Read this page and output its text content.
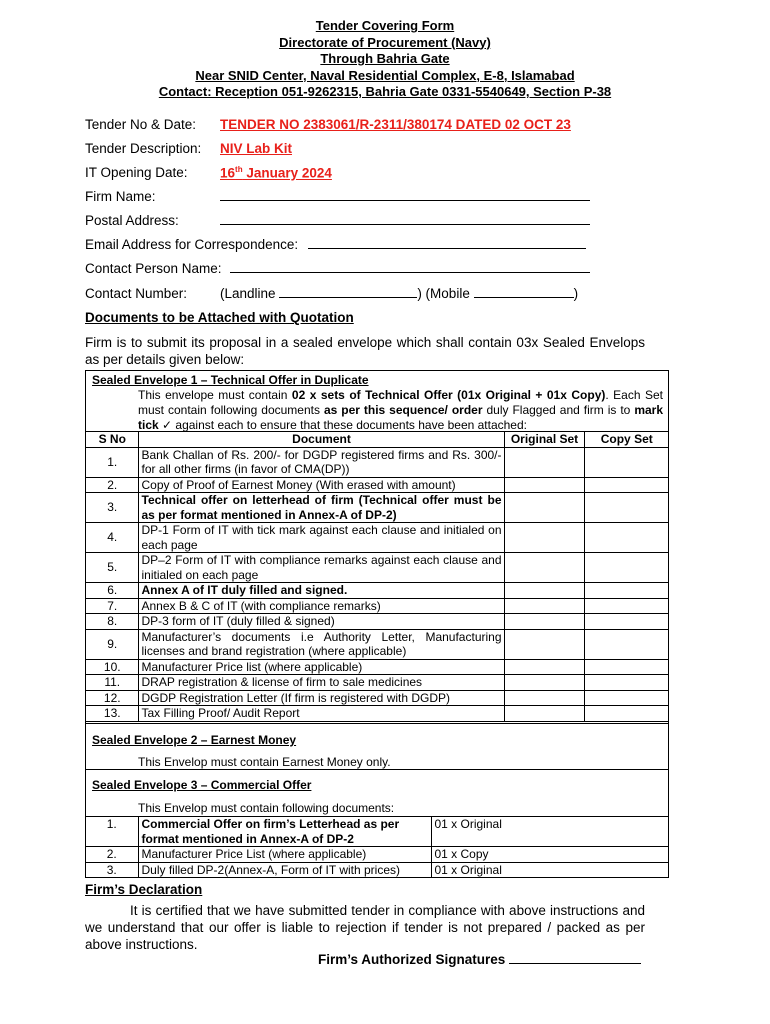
Tender Covering Form
Directorate of Procurement (Navy)
Through Bahria Gate
Near SNID Center, Naval Residential Complex, E-8, Islamabad
Contact: Reception 051-9262315, Bahria Gate 0331-5540649, Section P-38
Tender No & Date: TENDER NO 2383061/R-2311/380174 DATED 02 OCT 23
Tender Description: NIV Lab Kit
IT Opening Date: 16th January 2024
Firm Name:
Postal Address:
Email Address for Correspondence:
Contact Person Name:
Contact Number: (Landline	) (Mobile	)
Documents to be Attached with Quotation
Firm is to submit its proposal in a sealed envelope which shall contain 03x Sealed Envelops as per details given below:
Sealed Envelope 1 – Technical Offer in Duplicate
This envelope must contain 02 x sets of Technical Offer (01x Original + 01x Copy). Each Set must contain following documents as per this sequence/ order duly Flagged and firm is to mark tick ✓ against each to ensure that these documents have been attached:
S No	Document	Original Set	Copy Set
1.	Bank Challan of Rs. 200/- for DGDP registered firms and Rs. 300/- for all other firms (in favor of CMA(DP))		
2.	Copy of Proof of Earnest Money (With erased with amount)		
3.	Technical offer on letterhead of firm (Technical offer must be as per format mentioned in Annex-A of DP-2)		
4.	DP-1 Form of IT with tick mark against each clause and initialed on each page		
5.	DP–2 Form of IT with compliance remarks against each clause and initialed on each page		
6.	Annex A of IT duly filled and signed.		
7.	Annex B & C of IT (with compliance remarks)		
8.	DP-3 form of IT (duly filled & signed)		
9.	Manufacturer’s documents i.e Authority Letter, Manufacturing licenses and brand registration (where applicable)		
10.	Manufacturer Price list (where applicable)		
11.	DRAP registration & license of firm to sale medicines		
12.	DGDP Registration Letter (If firm is registered with DGDP)		
13.	Tax Filling Proof/ Audit Report		
Sealed Envelope 2 – Earnest Money
This Envelop must contain Earnest Money only.
Sealed Envelope 3 – Commercial Offer
This Envelop must contain following documents:
1.	Commercial Offer on firm’s Letterhead as per format mentioned in Annex-A of DP-2	01 x Original
2.	Manufacturer Price List (where applicable)	01 x Copy
3.	Duly filled DP-2(Annex-A, Form of IT with prices)	01 x Original
Firm’s Declaration
It is certified that we have submitted tender in compliance with above instructions and we understand that our offer is liable to rejection if tender is not prepared / packed as per above instructions.
Firm’s Authorized Signatures
